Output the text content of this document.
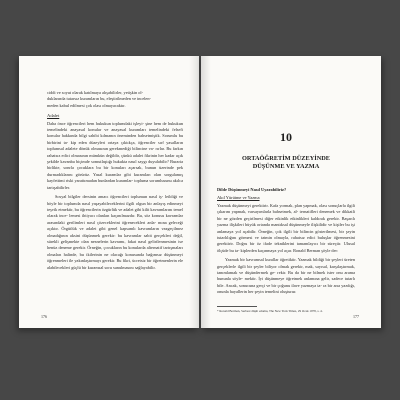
ciddi ve soyut olarak katılmaya alışabilirler, yetişkin ol-

duklarında tutarsız kuramların bu, eleştirilmeden ve incelen-

meden kabul edilmesi çok olası olmayacaktır.

Adalet

Daha önce öğrencileri hem hukukun toplumdaki işleyi- şine hem de hukukun temelindeki anayasal konular ve anayasal kuramları temelindeki felsefi konular hakkında bilgi sahibi kılmanın öneminden bahsetmiştik. Sorumlu bu birbirini ta- kip eden düzeyleri ortaya çıktıkça, öğrenciler sırf yasalların toplumsal adalete dönük olmasının gerekmediği bilincine va- rırlar. Bu farkın rahatsız edici olmasının mümkün değildir, çünkü adalet fikrinin her kadar açık şekilde kavanba biçimde somutlaştığı hukukta nasıl saygı duyulabilir? Buraria birlikte, sonrla çocuklara bu bir konuları açarsak, bunun üzerinde pek durmadıklarını görürüz. Yasal kuramlar gibi kuramları olan sorgulamış kayfettimi riski yarattımadan bunlardan kuramlar- topluma sorumlusunu akılca tartışabilirler.

Sosyal bilgiler dersinin amacı öğrencileri toplumun nasıl iş- leildiği ve böyle bir toplumda nasıl yaşayabileceklerini ilgili olgun bir anlayış edinmeyi teşvik etmektir, bu öğrencilerin özgürlük ve adalet gibi kilit kavramlarını temel olarak ince- lemesi ihtiyacı olanları kaçınılmazdır. Bu, söz konusu kavramlar arasındaki gerilimleri nasıl çözeceklerini öğrenecekleri anla- mına geleceği açıktır. Örgütlük ve adalet gibi genel kapsamlı kavramların vazgeçilmez olmadığının aksini düşünmek gerekir: bu kavramlar sabit gerçekleri değil, sürekli gelişmekte olan nesnelerin kavramı, fakat nasıl gelirilenmesinin ise henüz deneme gerekir. Örneğin, çocukların bu konularda alternatif tartışmaları olmaları halinde, bu ikilerinin ne olacağı konusunda bağımsız düşünmeyi öğrenmeleri ile yakınlaştırmayı gerekir. Bu fikri, ücretsiz bir öğretmenlerin ele alabilecekleri güçlü bir kuramsal soru sunulmasını sağlayabilir.

176
10
ORTAÖĞRETİM DÜZEYİNDE
DÜŞÜNME VE YAZMA
Dilde Düşünmeyi Nasıl Uyarabiliriz?
Akıl Yürütme ve Yazma

Yazmak düşünmeyi gerektirir. Kafa yormak, plan yapmak, olası sonuçlarla ilgili çıkarım yapmak, varsayımlarla bahsetmek, al- ternatifleri denemek ve dikkatli bir ne gözden geçirilmesi diğer etkinlik etkinlikleri kaldırak gerekir. Başarılı yazma ilişkileri büyük ortanda mantıksal düşünmeyle ilişkilidir ve kişiler bu işi anlamaya yol açabilir. Örneğin, çok ilgili bir bilincin gösterilmesi, bir şeyin tutarlılığını görmesi ve tatmin olmayla, rahatsız edici buluşlar öğrenmesini gerektirir. Doğru bir öz ifade tekniklerini tamamlayıcı bir süreçtir. Ulusal ölçüde bu ta- kiplerden kaçınmaya yol açar. Ronald Berman şöyle der:

Yazmak bir kavramsal kurallar öğretiktir. Yazmak bildiği bir şeyleri üreten gerçeklerle ilgili bir şeyler biliyor olmak gerekir, mak, sayısal, karşılaştırmak, tanımlamak ve düşündermek ge- rekir. Bu da bir ne bilmek ister onu arama bununla söyle- mektir. İyi düşünmeye öğretmek anlamına gelir, sadece tutarlı bile. Ancak, sonucuna gerçi ve bir çoğunu ilave yazmaya ta- ra bir arıa yazdığı, onunla hayallerin her şeyin temelini oluşturur.

* Ronald Berman, Serbest düşüt edamu, The New York Times, 29 Ocak 1978, s. 4.
177
